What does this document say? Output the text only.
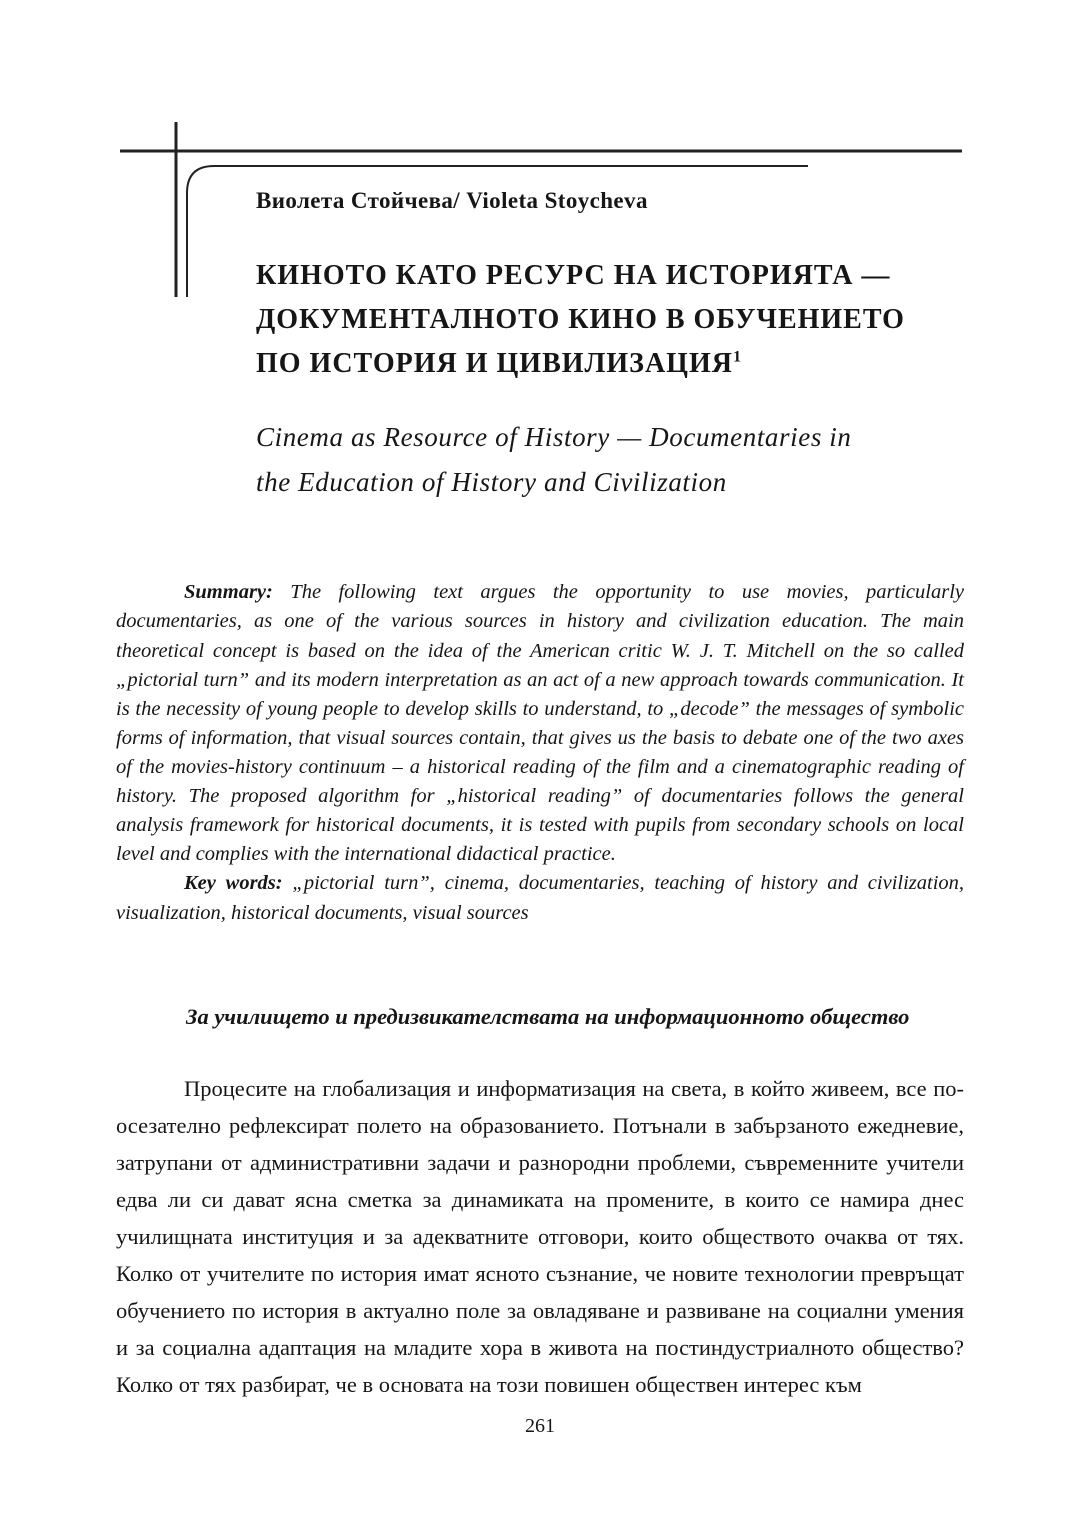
Виолета Стойчева/ Violeta Stoycheva

КИНОТО КАТО РЕСУРС НА ИСТОРИЯТА —
ДОКУМЕНТАЛНОТО КИНО В ОБУЧЕНИЕТО
ПО ИСТОРИЯ И ЦИВИЛИЗАЦИЯ$^1$
Cinema as Resource of History — Documentaries in
the Education of History and Civilization

Summary: The following text argues the opportunity to use movies, particularly documentaries, as one of the various sources in history and civilization education. The main theoretical concept is based on the idea of the American critic W. J. T. Mitchell on the so called „pictorial turn” and its modern interpretation as an act of a new approach towards communication. It is the necessity of young people to develop skills to understand, to „decode” the messages of symbolic forms of information, that visual sources contain, that gives us the basis to debate one of the two axes of the movies-history continuum – a historical reading of the film and a cinematographic reading of history. The proposed algorithm for „historical reading” of documentaries follows the general analysis framework for historical documents, it is tested with pupils from secondary schools on local level and complies with the international didactical practice.

Key words: „pictorial turn”, cinema, documentaries, teaching of history and civilization, visualization, historical documents, visual sources

За училището и предизвикателствата на информационното общество

Процесите на глобализация и информатизация на света, в който живеем, все по-осезателно рефлексират полето на образованието. Потънали в забързаното ежедневие, затрупани от административни задачи и разнородни проблеми, съвременните учители едва ли си дават ясна сметка за динамиката на промените, в които се намира днес училищната институция и за адекватните отговори, които обществото очаква от тях. Колко от учителите по история имат ясното съзнание, че новите технологии превръщат обучението по история в актуално поле за овладяване и развиване на социални умения и за социална адаптация на младите хора в живота на постиндустриалното общество? Колко от тях разбират, че в основата на този повишен обществен интерес към

261
